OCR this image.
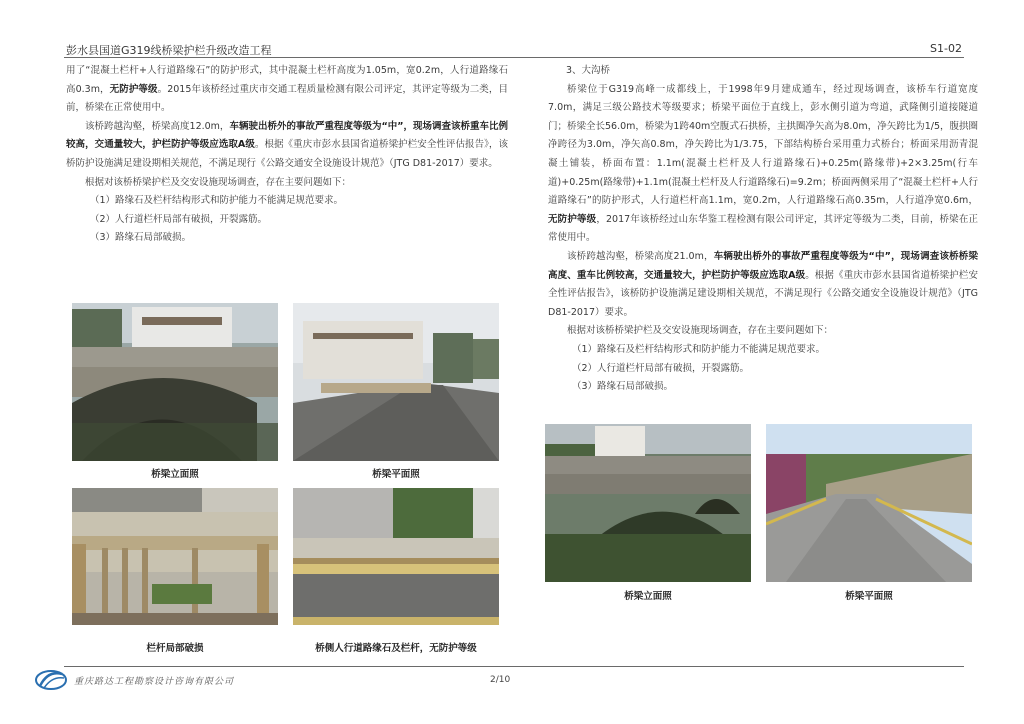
彭水县国道G319线桥梁护栏升级改造工程	S1-02

用了“混凝土栏杆+人行道路缘石”的防护形式，其中混凝土栏杆高度为1.05m，宽0.2m，人行道路缘石高0.3m，无防护等级。2015年该桥经过重庆市交通工程质量检测有限公司评定，其评定等级为二类，目前，桥梁在正常使用中。

该桥跨越沟壑，桥梁高度12.0m，车辆驶出桥外的事故严重程度等级为“中”，现场调查该桥重车比例较高，交通量较大，护栏防护等级应选取A级。根据《重庆市彭水县国省道桥梁护栏安全性评估报告》，该桥防护设施满足建设期相关规范，不满足现行《公路交通安全设施设计规范》（JTG D81-2017）要求。

根据对该桥桥梁护栏及交安设施现场调查，存在主要问题如下：

（1）路缘石及栏杆结构形式和防护能力不能满足规范要求。

（2）人行道栏杆局部有破损，开裂露筋。

（3）路缘石局部破损。

桥梁立面照	桥梁平面照
栏杆局部破损	桥侧人行道路缘石及栏杆，无防护等级

3、大沟桥

桥梁位于G319高峰一成都线上，于1998年9月建成通车，经过现场调查，该桥车行道宽度7.0m，满足三级公路技术等级要求；桥梁平面位于直线上，彭水侧引道为弯道，武隆侧引道接隧道门；桥梁全长56.0m，桥梁为1跨40m空腹式石拱桥，主拱圈净矢高为8.0m，净矢跨比为1/5，腹拱圈净跨径为3.0m，净矢高0.8m，净矢跨比为1/3.75，下部结构桥台采用重力式桥台；桥面采用沥青混凝土铺装，桥面布置：1.1m(混凝土栏杆及人行道路缘石)+0.25m(路缘带)+2×3.25m(行车道)+0.25m(路缘带)+1.1m(混凝土栏杆及人行道路缘石)=9.2m；桥面两侧采用了“混凝土栏杆+人行道路缘石”的防护形式，人行道栏杆高1.1m，宽0.2m，人行道路缘石高0.35m，人行道净宽0.6m，无防护等级，2017年该桥经过山东华鉴工程检测有限公司评定，其评定等级为二类，目前，桥梁在正常使用中。

该桥跨越沟壑，桥梁高度21.0m，车辆驶出桥外的事故严重程度等级为“中”，现场调查该桥桥梁高度、重车比例较高，交通量较大，护栏防护等级应选取A级。根据《重庆市彭水县国省道桥梁护栏安全性评估报告》，该桥防护设施满足建设期相关规范，不满足现行《公路交通安全设施设计规范》（JTG D81-2017）要求。

根据对该桥桥梁护栏及交安设施现场调查，存在主要问题如下：

（1）路缘石及栏杆结构形式和防护能力不能满足规范要求。

（2）人行道栏杆局部有破损，开裂露筋。

（3）路缘石局部破损。

桥梁立面照	桥梁平面照
重庆路达工程勘察设计咨询有限公司	2/10
